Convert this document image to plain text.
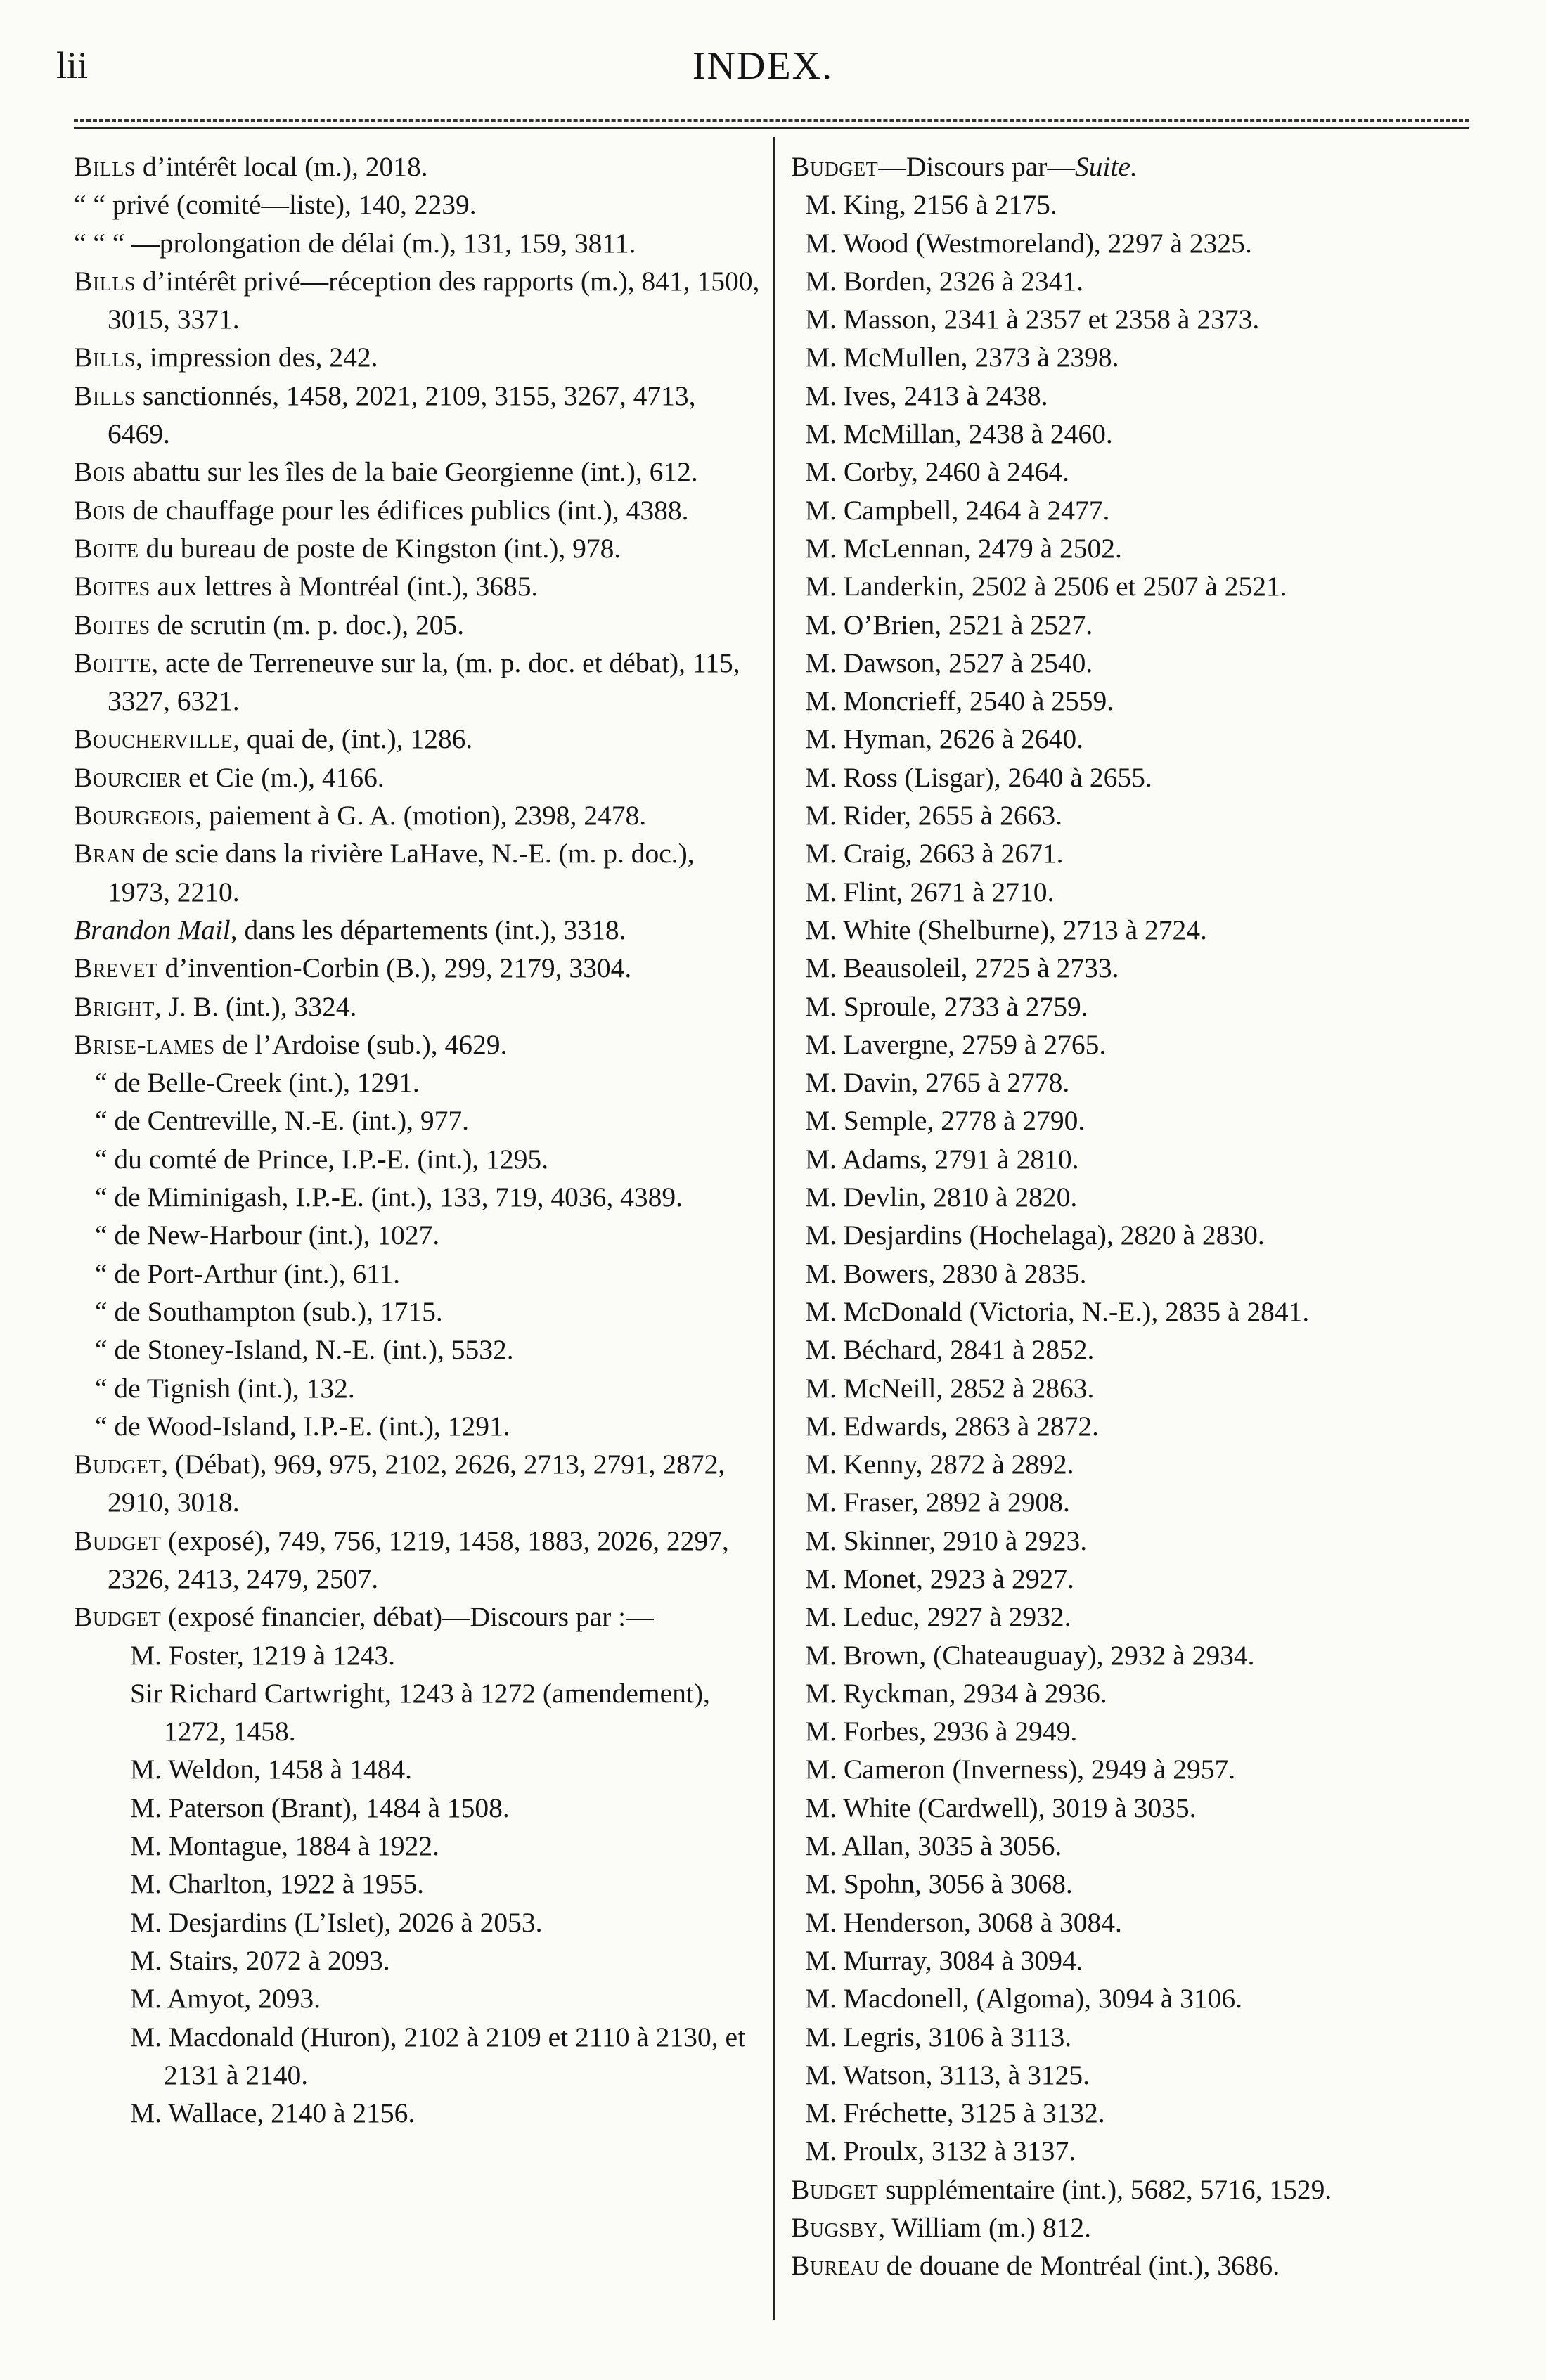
lii	INDEX.

Bills d’intérêt local (m.), 2018.

“ “ privé (comité—liste), 140, 2239.

“ “ “ —prolongation de délai (m.), 131, 159, 3811.

Bills d’intérêt privé—réception des rapports (m.), 841, 1500, 3015, 3371.

Bills, impression des, 242.

Bills sanctionnés, 1458, 2021, 2109, 3155, 3267, 4713, 6469.

Bois abattu sur les îles de la baie Georgienne (int.), 612.

Bois de chauffage pour les édifices publics (int.), 4388.

Boite du bureau de poste de Kingston (int.), 978.

Boites aux lettres à Montréal (int.), 3685.

Boites de scrutin (m. p. doc.), 205.

Boitte, acte de Terreneuve sur la, (m. p. doc. et débat), 115, 3327, 6321.

Boucherville, quai de, (int.), 1286.

Bourcier et Cie (m.), 4166.

Bourgeois, paiement à G. A. (motion), 2398, 2478.

Bran de scie dans la rivière LaHave, N.-E. (m. p. doc.), 1973, 2210.

Brandon Mail, dans les départements (int.), 3318.

Brevet d’invention-Corbin (B.), 299, 2179, 3304.

Bright, J. B. (int.), 3324.

Brise-lames de l’Ardoise (sub.), 4629.

“ de Belle-Creek (int.), 1291.

“ de Centreville, N.-E. (int.), 977.

“ du comté de Prince, I.P.-E. (int.), 1295.

“ de Miminigash, I.P.-E. (int.), 133, 719, 4036, 4389.

“ de New-Harbour (int.), 1027.

“ de Port-Arthur (int.), 611.

“ de Southampton (sub.), 1715.

“ de Stoney-Island, N.-E. (int.), 5532.

“ de Tignish (int.), 132.

“ de Wood-Island, I.P.-E. (int.), 1291.

Budget, (Débat), 969, 975, 2102, 2626, 2713, 2791, 2872, 2910, 3018.

Budget (exposé), 749, 756, 1219, 1458, 1883, 2026, 2297, 2326, 2413, 2479, 2507.

Budget (exposé financier, débat)—Discours par :—

M. Foster, 1219 à 1243.

Sir Richard Cartwright, 1243 à 1272 (amendement), 1272, 1458.

M. Weldon, 1458 à 1484.

M. Paterson (Brant), 1484 à 1508.

M. Montague, 1884 à 1922.

M. Charlton, 1922 à 1955.

M. Desjardins (L’Islet), 2026 à 2053.

M. Stairs, 2072 à 2093.

M. Amyot, 2093.

M. Macdonald (Huron), 2102 à 2109 et 2110 à 2130, et 2131 à 2140.

M. Wallace, 2140 à 2156.

Budget—Discours par—Suite.

M. King, 2156 à 2175.

M. Wood (Westmoreland), 2297 à 2325.

M. Borden, 2326 à 2341.

M. Masson, 2341 à 2357 et 2358 à 2373.

M. McMullen, 2373 à 2398.

M. Ives, 2413 à 2438.

M. McMillan, 2438 à 2460.

M. Corby, 2460 à 2464.

M. Campbell, 2464 à 2477.

M. McLennan, 2479 à 2502.

M. Landerkin, 2502 à 2506 et 2507 à 2521.

M. O’Brien, 2521 à 2527.

M. Dawson, 2527 à 2540.

M. Moncrieff, 2540 à 2559.

M. Hyman, 2626 à 2640.

M. Ross (Lisgar), 2640 à 2655.

M. Rider, 2655 à 2663.

M. Craig, 2663 à 2671.

M. Flint, 2671 à 2710.

M. White (Shelburne), 2713 à 2724.

M. Beausoleil, 2725 à 2733.

M. Sproule, 2733 à 2759.

M. Lavergne, 2759 à 2765.

M. Davin, 2765 à 2778.

M. Semple, 2778 à 2790.

M. Adams, 2791 à 2810.

M. Devlin, 2810 à 2820.

M. Desjardins (Hochelaga), 2820 à 2830.

M. Bowers, 2830 à 2835.

M. McDonald (Victoria, N.-E.), 2835 à 2841.

M. Béchard, 2841 à 2852.

M. McNeill, 2852 à 2863.

M. Edwards, 2863 à 2872.

M. Kenny, 2872 à 2892.

M. Fraser, 2892 à 2908.

M. Skinner, 2910 à 2923.

M. Monet, 2923 à 2927.

M. Leduc, 2927 à 2932.

M. Brown, (Chateauguay), 2932 à 2934.

M. Ryckman, 2934 à 2936.

M. Forbes, 2936 à 2949.

M. Cameron (Inverness), 2949 à 2957.

M. White (Cardwell), 3019 à 3035.

M. Allan, 3035 à 3056.

M. Spohn, 3056 à 3068.

M. Henderson, 3068 à 3084.

M. Murray, 3084 à 3094.

M. Macdonell, (Algoma), 3094 à 3106.

M. Legris, 3106 à 3113.

M. Watson, 3113, à 3125.

M. Fréchette, 3125 à 3132.

M. Proulx, 3132 à 3137.

Budget supplémentaire (int.), 5682, 5716, 1529.

Bugsby, William (m.) 812.

Bureau de douane de Montréal (int.), 3686.
